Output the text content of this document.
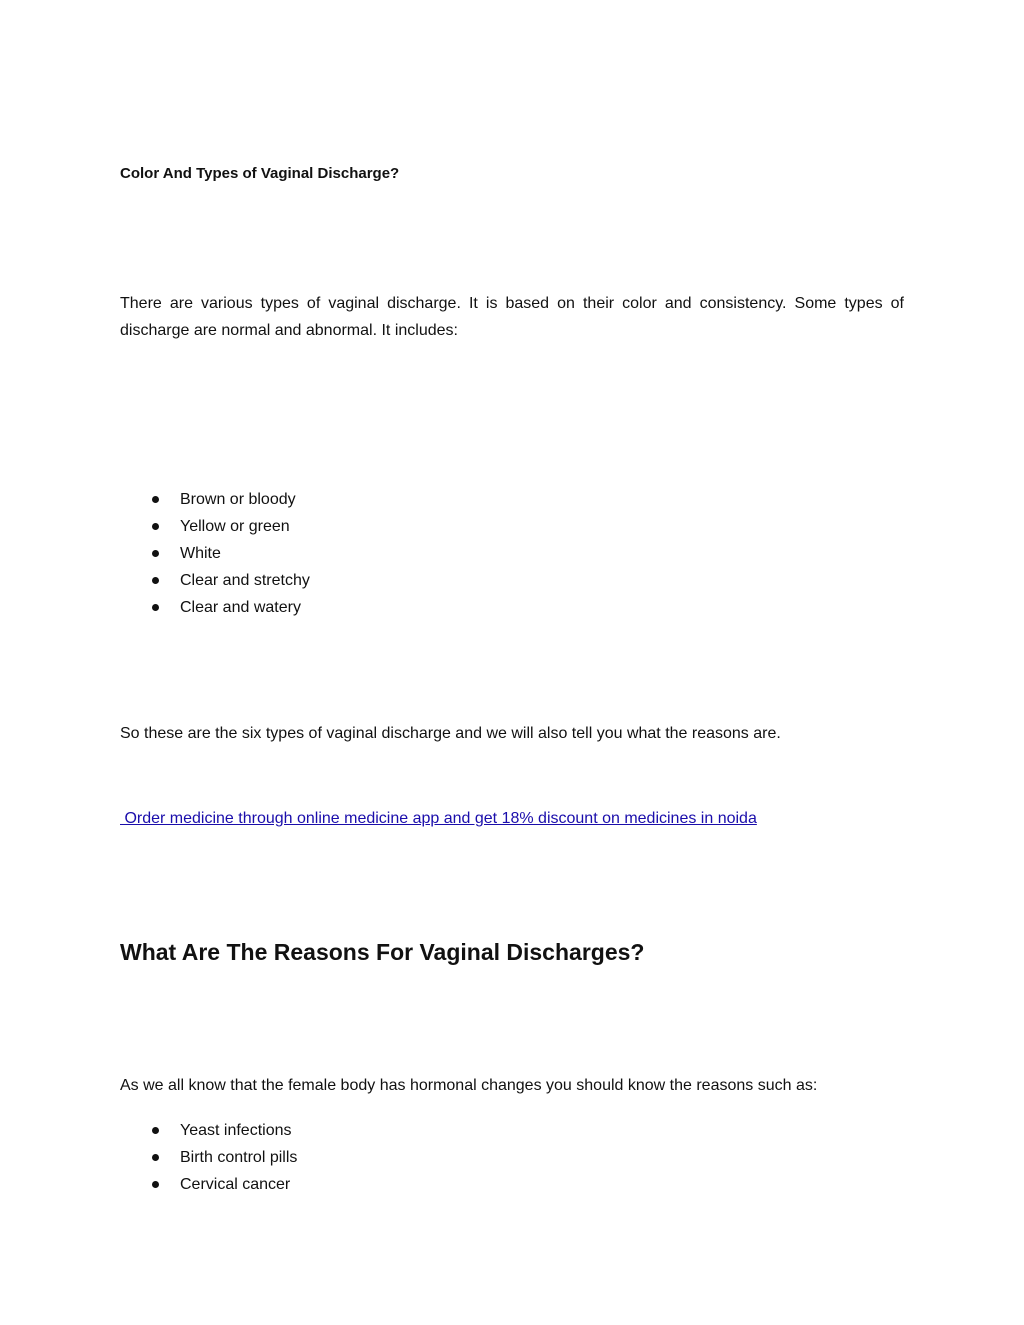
Color And Types of Vaginal Discharge?

There are various types of vaginal discharge. It is based on their color and consistency. Some types of discharge are normal and abnormal. It includes:

Brown or bloody
Yellow or green
White
Clear and stretchy
Clear and watery

So these are the six types of vaginal discharge and we will also tell you what the reasons are.

Order medicine through online medicine app and get 18% discount on medicines in noida
What Are The Reasons For Vaginal Discharges?

As we all know that the female body has hormonal changes you should know the reasons such as:

Yeast infections
Birth control pills
Cervical cancer
